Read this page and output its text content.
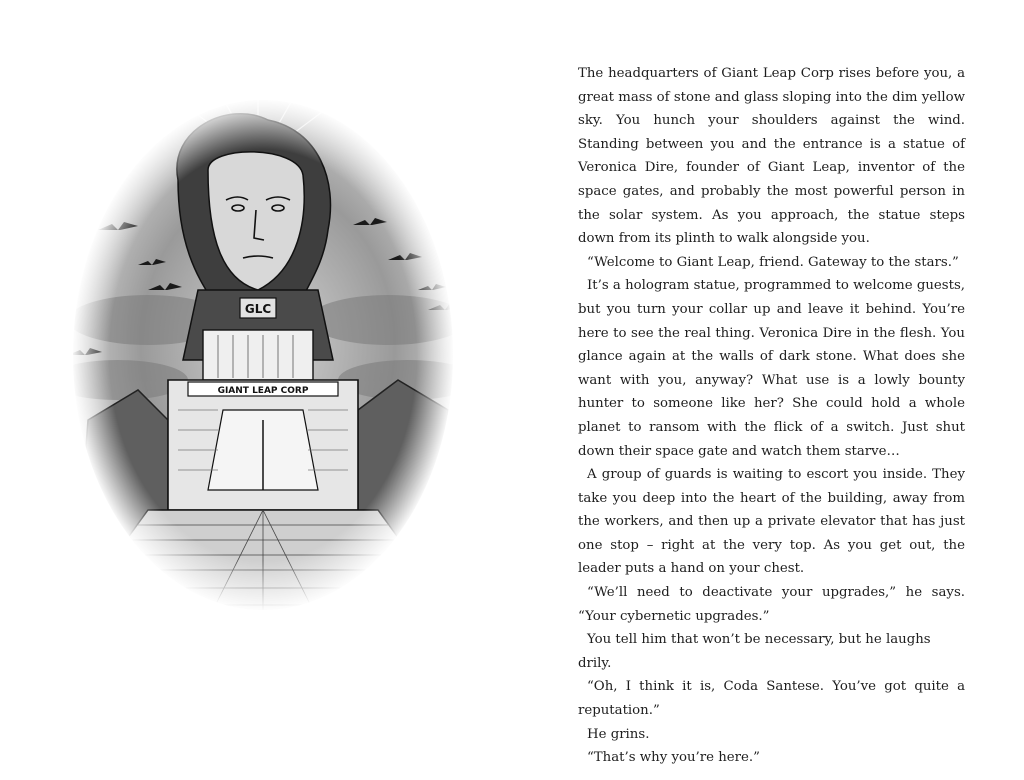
The headquarters of Giant Leap Corp rises before you, a great mass of stone and glass sloping into the dim yellow sky. You hunch your shoulders against the wind. Standing between you and the entrance is a statue of Veronica Dire, founder of Giant Leap, inventor of the space gates, and probably the most powerful person in the solar system. As you approach, the statue steps down from its plinth to walk alongside you.

“Welcome to Giant Leap, friend. Gateway to the stars.”

It’s a hologram statue, programmed to welcome guests, but you turn your collar up and leave it behind. You’re here to see the real thing. Veronica Dire in the flesh. You glance again at the walls of dark stone. What does she want with you, anyway? What use is a lowly bounty hunter to someone like her? She could hold a whole planet to ransom with the flick of a switch. Just shut down their space gate and watch them starve…

A group of guards is waiting to escort you inside. They take you deep into the heart of the building, away from the workers, and then up a private elevator that has just one stop – right at the very top. As you get out, the leader puts a hand on your chest.

“We’ll need to deactivate your upgrades,” he says. “Your cybernetic upgrades.”

You tell him that won’t be necessary, but he laughs drily.

“Oh, I think it is, Coda Santese. You’ve got quite a reputation.”

He grins.

“That’s why you’re here.”
